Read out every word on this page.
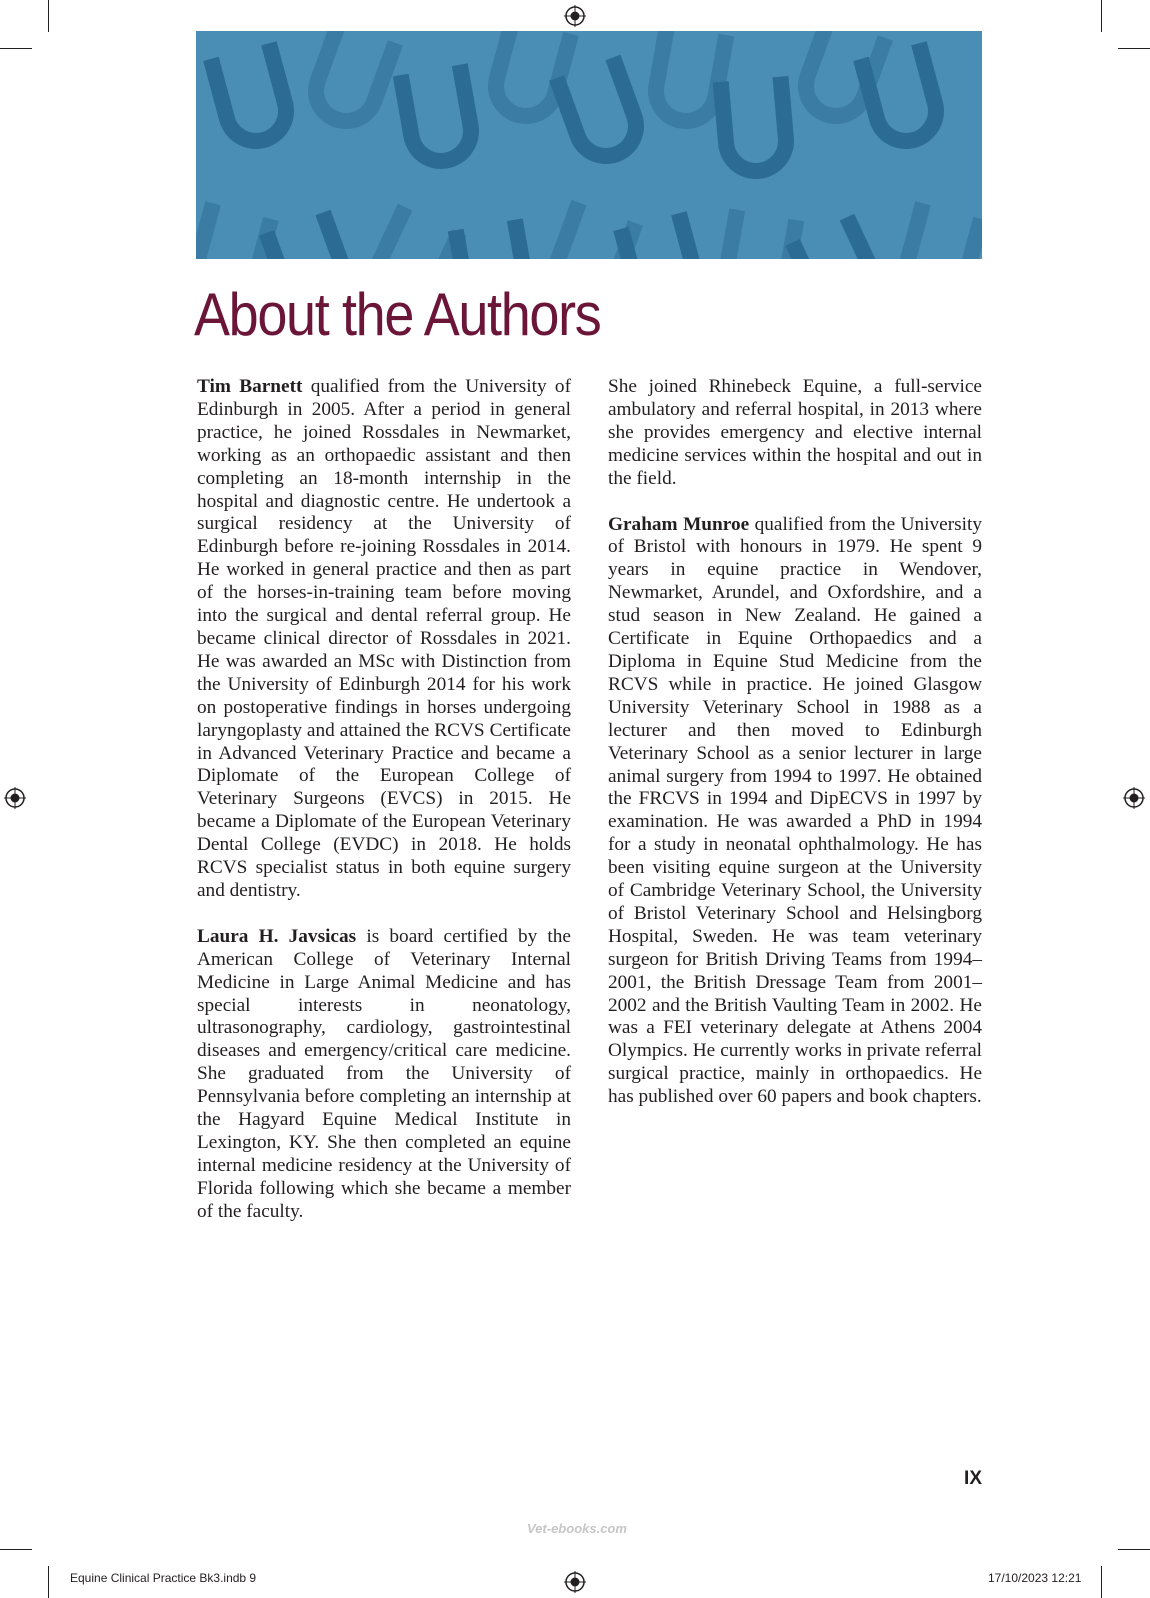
About the Authors

Tim Barnett qualified from the University of Edinburgh in 2005. After a period in general practice, he joined Rossdales in Newmarket, working as an orthopaedic assistant and then completing an 18-month internship in the hospital and diagnostic centre. He undertook a surgical residency at the University of Edinburgh before re-joining Rossdales in 2014. He worked in general practice and then as part of the horses-in-training team before moving into the surgical and dental referral group. He became clinical director of Rossdales in 2021. He was awarded an MSc with Distinction from the University of Edinburgh 2014 for his work on postoperative findings in horses undergoing laryngoplasty and attained the RCVS Certificate in Advanced Veterinary Practice and became a Diplomate of the European College of Veterinary Surgeons (EVCS) in 2015. He became a Diplomate of the European Veterinary Dental College (EVDC) in 2018. He holds RCVS specialist status in both equine surgery and dentistry.

Laura H. Javsicas is board certified by the American College of Veterinary Internal Medicine in Large Animal Medicine and has special interests in neonatology, ultrasonography, cardiology, gastrointestinal diseases and emergency/critical care medicine. She graduated from the University of Pennsylvania before completing an internship at the Hagyard Equine Medical Institute in Lexington, KY. She then completed an equine internal medicine residency at the University of Florida following which she became a member of the faculty.

She joined Rhinebeck Equine, a full-service ambulatory and referral hospital, in 2013 where she provides emergency and elective internal medicine services within the hospital and out in the field.

Graham Munroe qualified from the University of Bristol with honours in 1979. He spent 9 years in equine practice in Wendover, Newmarket, Arundel, and Oxfordshire, and a stud season in New Zealand. He gained a Certificate in Equine Orthopaedics and a Diploma in Equine Stud Medicine from the RCVS while in practice. He joined Glasgow University Veterinary School in 1988 as a lecturer and then moved to Edinburgh Veterinary School as a senior lecturer in large animal surgery from 1994 to 1997. He obtained the FRCVS in 1994 and DipECVS in 1997 by examination. He was awarded a PhD in 1994 for a study in neonatal ophthalmology. He has been visiting equine surgeon at the University of Cambridge Veterinary School, the University of Bristol Veterinary School and Helsingborg Hospital, Sweden. He was team veterinary surgeon for British Driving Teams from 1994–2001, the British Dressage Team from 2001–2002 and the British Vaulting Team in 2002. He was a FEI veterinary delegate at Athens 2004 Olympics. He currently works in private referral surgical practice, mainly in orthopaedics. He has published over 60 papers and book chapters.

IX
Vet-ebooks.com
Equine Clinical Practice Bk3.indb 9	17/10/2023 12:21
